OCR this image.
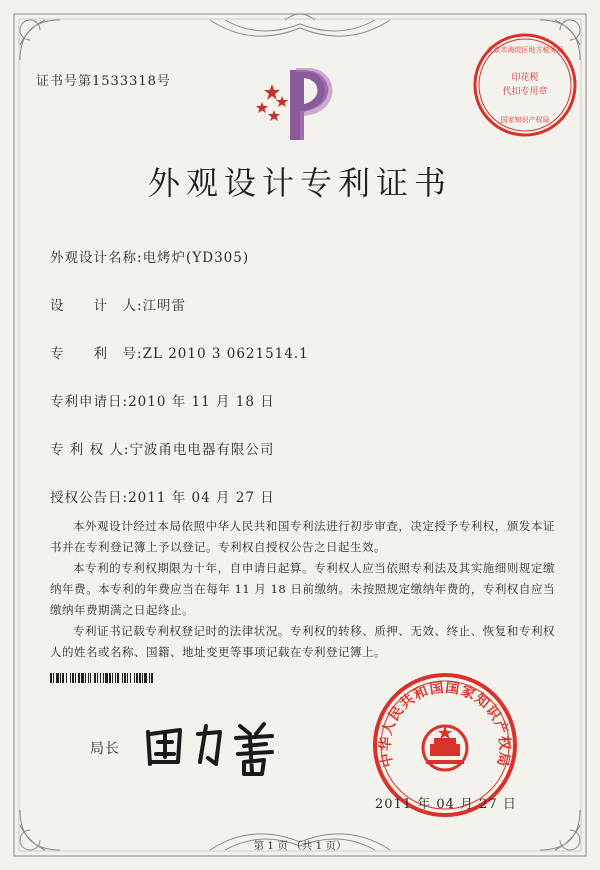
证书号第1533318号
北京市海淀区地方税务局
印花税
代扣专用章
国家知识产权局
外观设计专利证书
外观设计名称:电烤炉(YD305)
设　　计　人:江明雷
专　　利　号:ZL 2010 3 0621514.1
专利申请日:2010 年 11 月 18 日
专 利 权 人:宁波甬电电器有限公司
授权公告日:2011 年 04 月 27 日

本外观设计经过本局依照中华人民共和国专利法进行初步审查，决定授予专利权，颁发本证书并在专利登记簿上予以登记。专利权自授权公告之日起生效。

本专利的专利权期限为十年，自申请日起算。专利权人应当依照专利法及其实施细则规定缴纳年费。本专利的年费应当在每年 11 月 18 日前缴纳。未按照规定缴纳年费的，专利权自应当缴纳年费期满之日起终止。

专利证书记载专利权登记时的法律状况。专利权的转移、质押、无效、终止、恢复和专利权人的姓名或名称、国籍、地址变更等事项记载在专利登记簿上。

局长
中华人民共和国国家知识产权局
2011 年 04 月 27 日
第 1 页 （共 1 页）
